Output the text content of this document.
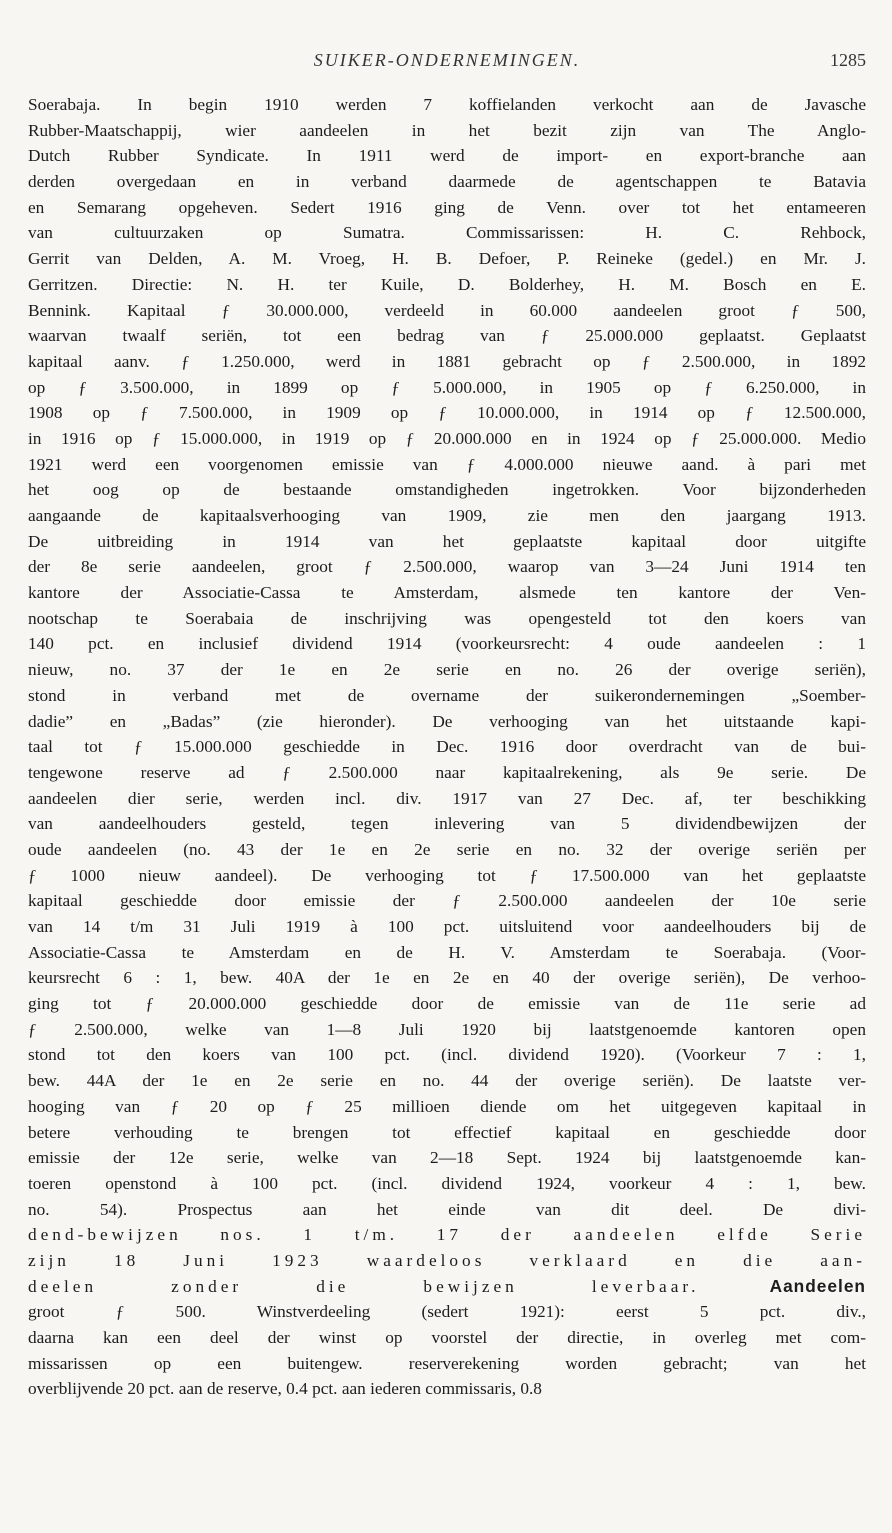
SUIKER-ONDERNEMINGEN.	1285
Soerabaja. In begin 1910 werden 7 koffielanden verkocht aan de Javasche
Rubber-Maatschappij, wier aandeelen in het bezit zijn van The Anglo-
Dutch Rubber Syndicate. In 1911 werd de import- en export-branche aan
derden overgedaan en in verband daarmede de agentschappen te Batavia
en Semarang opgeheven. Sedert 1916 ging de Venn. over tot het entameeren
van cultuurzaken op Sumatra. Commissarissen: H. C. Rehbock,
Gerrit van Delden, A. M. Vroeg, H. B. Defoer, P. Reineke (gedel.) en Mr. J.
Gerritzen. Directie: N. H. ter Kuile, D. Bolderhey, H. M. Bosch en E.
Bennink. Kapitaal ƒ 30.000.000, verdeeld in 60.000 aandeelen groot ƒ 500,
waarvan twaalf seriën, tot een bedrag van ƒ 25.000.000 geplaatst. Geplaatst
kapitaal aanv. ƒ 1.250.000, werd in 1881 gebracht op ƒ 2.500.000, in 1892
op ƒ 3.500.000, in 1899 op ƒ 5.000.000, in 1905 op ƒ 6.250.000, in
1908 op ƒ 7.500.000, in 1909 op ƒ 10.000.000, in 1914 op ƒ 12.500.000,
in 1916 op ƒ 15.000.000, in 1919 op ƒ 20.000.000 en in 1924 op ƒ 25.000.000. Medio
1921 werd een voorgenomen emissie van ƒ 4.000.000 nieuwe aand. à pari met
het oog op de bestaande omstandigheden ingetrokken. Voor bijzonderheden
aangaande de kapitaalsverhooging van 1909, zie men den jaargang 1913.
De uitbreiding in 1914 van het geplaatste kapitaal door uitgifte
der 8e serie aandeelen, groot ƒ 2.500.000, waarop van 3—24 Juni 1914 ten
kantore der Associatie-Cassa te Amsterdam, alsmede ten kantore der Ven-
nootschap te Soerabaia de inschrijving was opengesteld tot den koers van
140 pct. en inclusief dividend 1914 (voorkeursrecht: 4 oude aandeelen : 1
nieuw, no. 37 der 1e en 2e serie en no. 26 der overige seriën),
stond in verband met de overname der suikerondernemingen „Soember-
dadie” en „Badas” (zie hieronder). De verhooging van het uitstaande kapi-
taal tot ƒ 15.000.000 geschiedde in Dec. 1916 door overdracht van de bui-
tengewone reserve ad ƒ 2.500.000 naar kapitaalrekening, als 9e serie. De
aandeelen dier serie, werden incl. div. 1917 van 27 Dec. af, ter beschikking
van aandeelhouders gesteld, tegen inlevering van 5 dividendbewijzen der
oude aandeelen (no. 43 der 1e en 2e serie en no. 32 der overige seriën per
ƒ 1000 nieuw aandeel). De verhooging tot ƒ 17.500.000 van het geplaatste
kapitaal geschiedde door emissie der ƒ 2.500.000 aandeelen der 10e serie
van 14 t/m 31 Juli 1919 à 100 pct. uitsluitend voor aandeelhouders bij de
Associatie-Cassa te Amsterdam en de H. V. Amsterdam te Soerabaja. (Voor-
keursrecht 6 : 1, bew. 40A der 1e en 2e en 40 der overige seriën), De verhoo-
ging tot ƒ 20.000.000 geschiedde door de emissie van de 11e serie ad
ƒ 2.500.000, welke van 1—8 Juli 1920 bij laatstgenoemde kantoren open
stond tot den koers van 100 pct. (incl. dividend 1920). (Voorkeur 7 : 1,
bew. 44A der 1e en 2e serie en no. 44 der overige seriën). De laatste ver-
hooging van ƒ 20 op ƒ 25 millioen diende om het uitgegeven kapitaal in
betere verhouding te brengen tot effectief kapitaal en geschiedde door
emissie der 12e serie, welke van 2—18 Sept. 1924 bij laatstgenoemde kan-
toeren openstond à 100 pct. (incl. dividend 1924, voorkeur 4 : 1, bew.
no. 54). Prospectus aan het einde van dit deel. De divi-
dend-bewijzen nos. 1 t/m. 17 der aandeelen elfde Serie
zijn 18 Juni 1923 waardeloos verklaard en die aan-
deelen zonder die bewijzen leverbaar.	Aandeelen
groot ƒ 500. Winstverdeeling (sedert 1921): eerst 5 pct. div.,
daarna kan een deel der winst op voorstel der directie, in overleg met com-
missarissen op een buitengew. reserverekening worden gebracht; van het
overblijvende 20 pct. aan de reserve, 0.4 pct. aan iederen commissaris, 0.8
